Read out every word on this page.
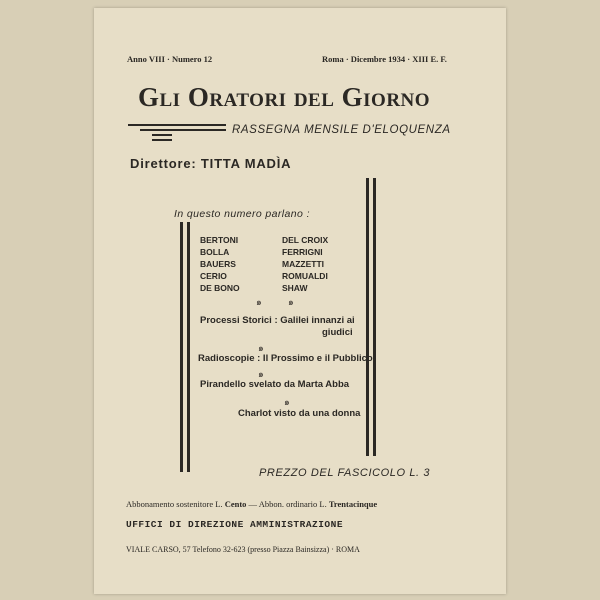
Anno VIII · Numero 12	Roma · Dicembre 1934 · XIII E. F.
Gli Oratori del Giorno
RASSEGNA MENSILE D'ELOQUENZA
Direttore: TITTA MADÌA
In questo numero parlano :
BERTONI
BOLLA
BAUERS
CERIO
DE BONO
DEL CROIX
FERRIGNI
MAZZETTI
ROMUALDI
SHAW
๑	๑
Processi Storici : Galilei innanzi ai
giudici
๑
Radioscopie : Il Prossimo e il Pubblico
๑
Pirandello svelato da Marta Abba
๑
Charlot visto da una donna
PREZZO DEL FASCICOLO L. 3
Abbonamento sostenitore L. Cento — Abbon. ordinario L. Trentacinque
UFFICI DI DIREZIONE AMMINISTRAZIONE
VIALE CARSO, 57 Telefono 32-623 (presso Piazza Bainsizza) · ROMA
